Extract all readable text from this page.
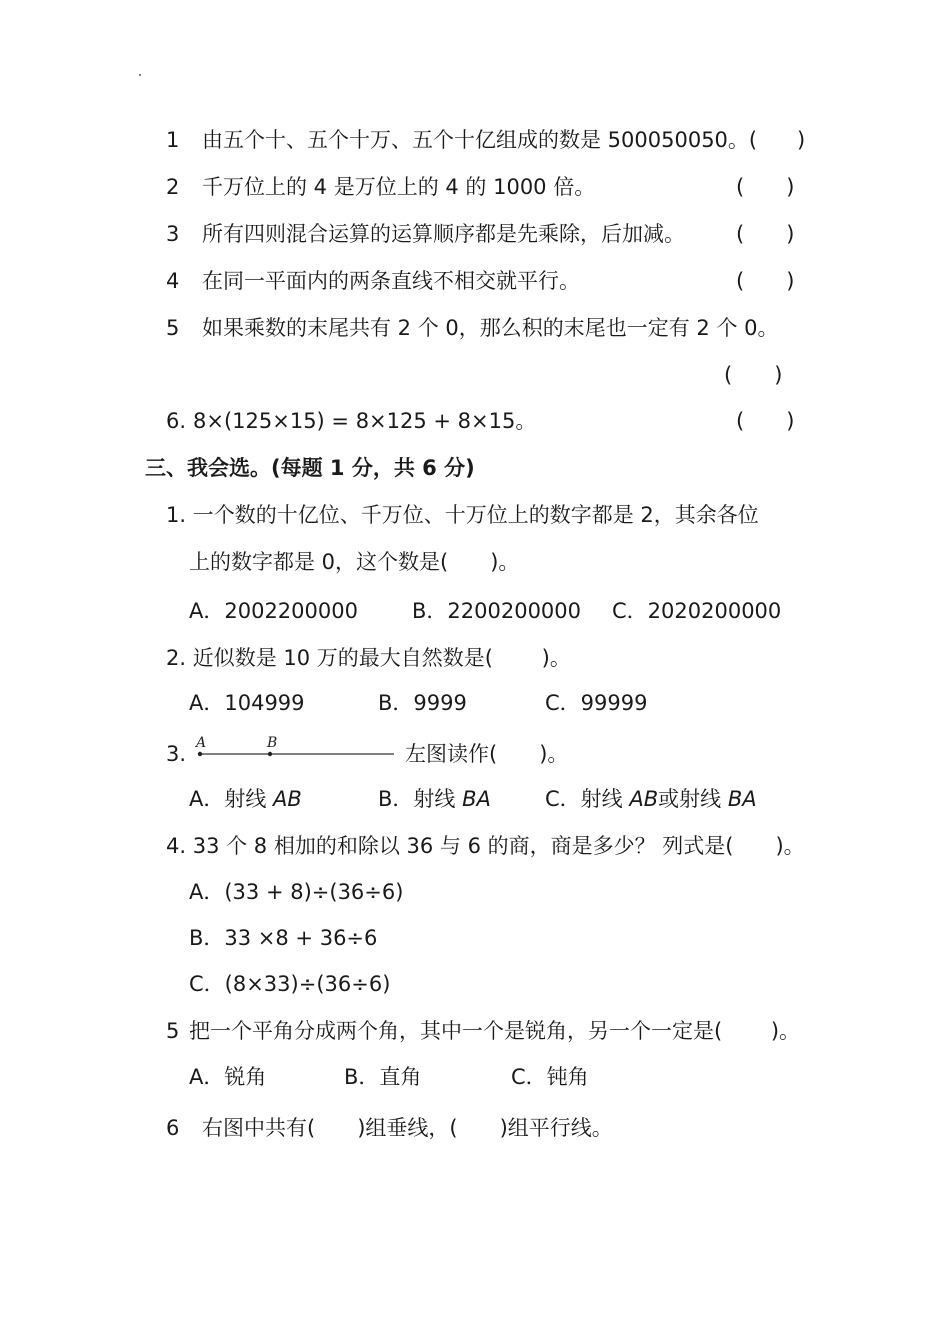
1 由五个十、五个十万、五个十亿组成的数是 500050050。( )
2 千万位上的 4 是万位上的 4 的 1000 倍。	(　　)
3 所有四则混合运算的运算顺序都是先乘除，后加减。 (　　)
4 在同一平面内的两条直线不相交就平行。	(　　)
5 如果乘数的末尾共有 2 个 0，那么积的末尾也一定有 2 个 0。
(　　)
6. 8×(125×15) = 8×125 + 8×15。	(　　)
三、我会选。(每题 1 分，共 6 分)
1. 一个数的十亿位、千万位、十万位上的数字都是 2，其余各位
上的数字都是 0，这个数是(　　)。
A．2002200000	B．2200200000 C．2020200000
2. 近似数是 10 万的最大自然数是(　　 )。
A．104999	B．9999	C．99999
3. A	B	左图读作(　　)。
A．射线 AB	B．射线 BA	C．射线 AB或射线 BA
4. 33 个 8 相加的和除以 36 与 6 的商，商是多少？ 列式是(　　)。
A．(33 + 8)÷(36÷6)
B．33 ×8 + 36÷6
C．(8×33)÷(36÷6)
5 把一个平角分成两个角，其中一个是锐角，另一个一定是(　　 )。
A．锐角	B．直角	C．钝角
6 右图中共有(　　)组垂线，(　　)组平行线。
